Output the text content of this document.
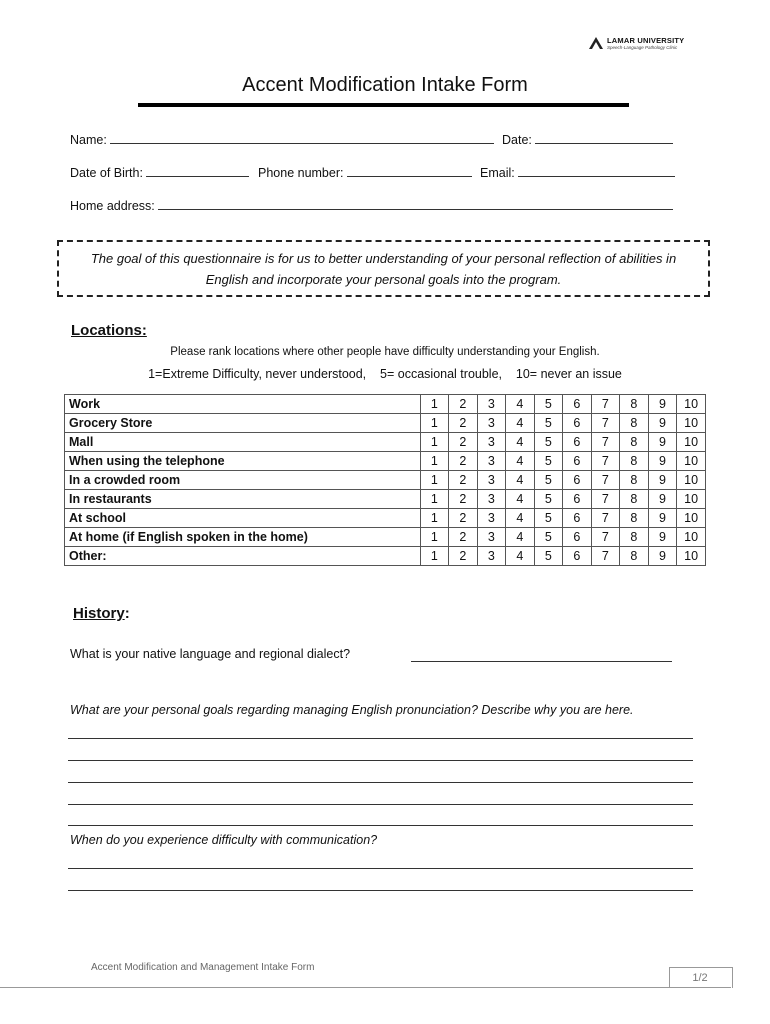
LAMAR UNIVERSITY
Speech-Language Pathology Clinic
Accent Modification Intake Form
Name:	Date:
Date of Birth:	Phone number:	Email:
Home address:
The goal of this questionnaire is for us to better understanding of your personal reflection of abilities in
English and incorporate your personal goals into the program.
Locations:
Please rank locations where other people have difficulty understanding your English.
1=Extreme Difficulty, never understood,    5= occasional trouble,    10= never an issue
Work	1	2	3	4	5	6	7	8	9	10
Grocery Store	1	2	3	4	5	6	7	8	9	10
Mall	1	2	3	4	5	6	7	8	9	10
When using the telephone	1	2	3	4	5	6	7	8	9	10
In a crowded room	1	2	3	4	5	6	7	8	9	10
In restaurants	1	2	3	4	5	6	7	8	9	10
At school	1	2	3	4	5	6	7	8	9	10
At home (if English spoken in the home)	1	2	3	4	5	6	7	8	9	10
Other:	1	2	3	4	5	6	7	8	9	10
History:
What is your native language and regional dialect?
What are your personal goals regarding managing English pronunciation? Describe why you are here.
When do you experience difficulty with communication?
Accent Modification and Management Intake Form
1/2
